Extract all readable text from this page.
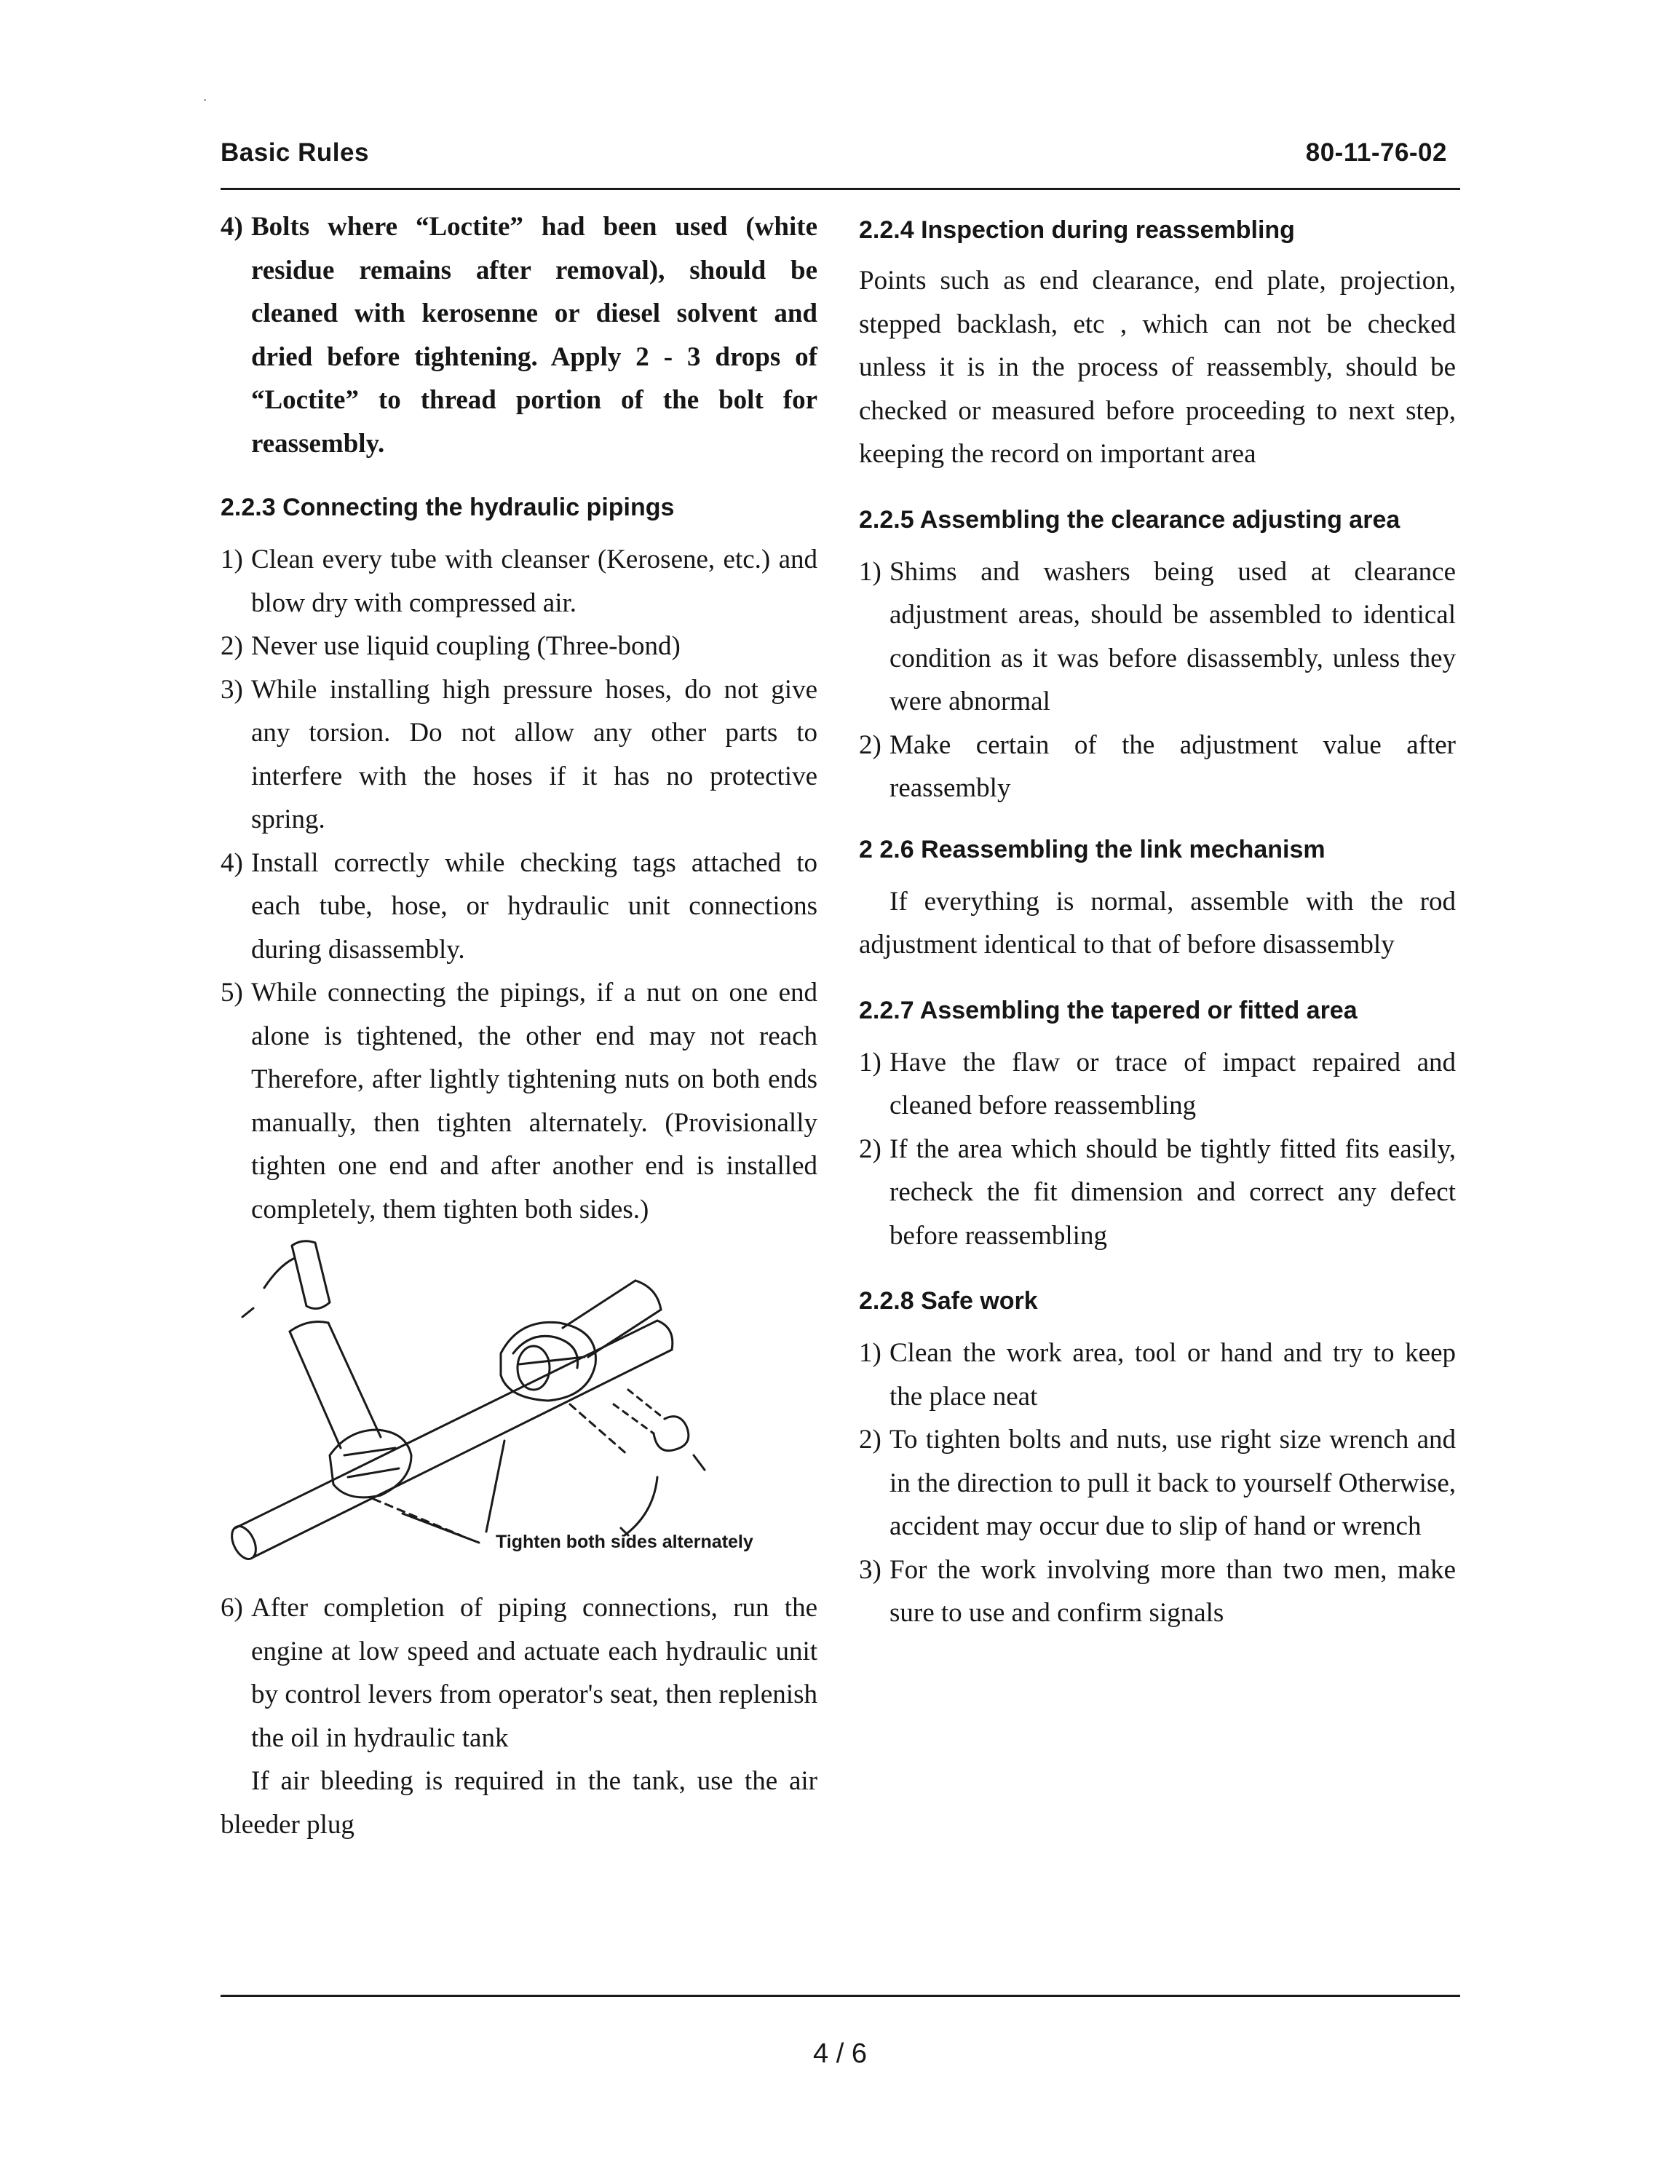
Basic Rules	80-11-76-02
4) Bolts where “Loctite” had been used (white residue remains after removal), should be cleaned with kerosenne or diesel solvent and dried before tightening. Apply 2 - 3 drops of “Loctite” to thread portion of the bolt for reassembly.
2.2.3 Connecting the hydraulic pipings
1) Clean every tube with cleanser (Kerosene, etc.) and blow dry with compressed air.
2) Never use liquid coupling (Three-bond)
3) While installing high pressure hoses, do not give any torsion. Do not allow any other parts to interfere with the hoses if it has no protective spring.
4) Install correctly while checking tags attached to each tube, hose, or hydraulic unit connections during disassembly.
5) While connecting the pipings, if a nut on one end alone is tightened, the other end may not reach Therefore, after lightly tightening nuts on both ends manually, then tighten alternately. (Provisionally tighten one end and after another end is installed completely, them tighten both sides.)
Tighten both sides alternately
6) After completion of piping connections, run the engine at low speed and actuate each hydraulic unit by control levers from operator's seat, then replenish the oil in hydraulic tank
If air bleeding is required in the tank, use the air bleeder plug
2.2.4 Inspection during reassembling
Points such as end clearance, end plate, projection, stepped backlash, etc , which can not be checked unless it is in the process of reassembly, should be checked or measured before proceeding to next step, keeping the record on important area
2.2.5 Assembling the clearance adjusting area
1) Shims and washers being used at clearance adjustment areas, should be assembled to identical condition as it was before disassembly, unless they were abnormal
2) Make certain of the adjustment value after reassembly
2 2.6 Reassembling the link mechanism
If everything is normal, assemble with the rod adjustment identical to that of before disassembly
2.2.7 Assembling the tapered or fitted area
1) Have the flaw or trace of impact repaired and cleaned before reassembling
2) If the area which should be tightly fitted fits easily, recheck the fit dimension and correct any defect before reassembling
2.2.8 Safe work
1) Clean the work area, tool or hand and try to keep the place neat
2) To tighten bolts and nuts, use right size wrench and in the direction to pull it back to yourself Otherwise, accident may occur due to slip of hand or wrench
3) For the work involving more than two men, make sure to use and confirm signals
4 / 6
